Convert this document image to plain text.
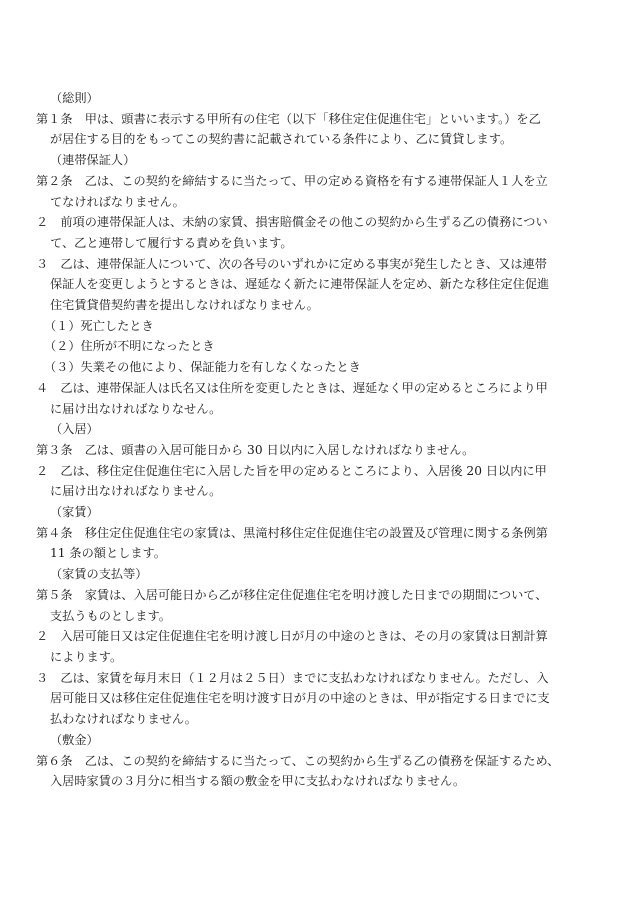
（総則）
第１条　甲は、頭書に表示する甲所有の住宅（以下「移住定住促進住宅」といいます。）を乙
が居住する目的をもってこの契約書に記載されている条件により、乙に賃貸します。
（連帯保証人）
第２条　乙は、この契約を締結するに当たって、甲の定める資格を有する連帯保証人１人を立
てなければなりません。
２　前項の連帯保証人は、未納の家賃、損害賠償金その他この契約から生ずる乙の債務につい
て、乙と連帯して履行する責めを負います。
３　乙は、連帯保証人について、次の各号のいずれかに定める事実が発生したとき、又は連帯
保証人を変更しようとするときは、遅延なく新たに連帯保証人を定め、新たな移住定住促進
住宅賃貸借契約書を提出しなければなりません。
（１）死亡したとき
（２）住所が不明になったとき
（３）失業その他により、保証能力を有しなくなったとき
４　乙は、連帯保証人は氏名又は住所を変更したときは、遅延なく甲の定めるところにより甲
に届け出なければなりなせん。
（入居）
第３条　乙は、頭書の入居可能日から 30 日以内に入居しなければなりません。
２　乙は、移住定住促進住宅に入居した旨を甲の定めるところにより、入居後 20 日以内に甲
に届け出なければなりません。
（家賃）
第４条　移住定住促進住宅の家賃は、黒滝村移住定住促進住宅の設置及び管理に関する条例第
11 条の額とします。
（家賃の支払等）
第５条　家賃は、入居可能日から乙が移住定住促進住宅を明け渡した日までの期間について、
支払うものとします。
２　入居可能日又は定住促進住宅を明け渡し日が月の中途のときは、その月の家賃は日割計算
によります。
３　乙は、家賃を毎月末日（１２月は２５日）までに支払わなければなりません。ただし、入
居可能日又は移住定住促進住宅を明け渡す日が月の中途のときは、甲が指定する日までに支
払わなければなりません。
（敷金）
第６条　乙は、この契約を締結するに当たって、この契約から生ずる乙の債務を保証するため、
入居時家賃の３月分に相当する額の敷金を甲に支払わなければなりません。
